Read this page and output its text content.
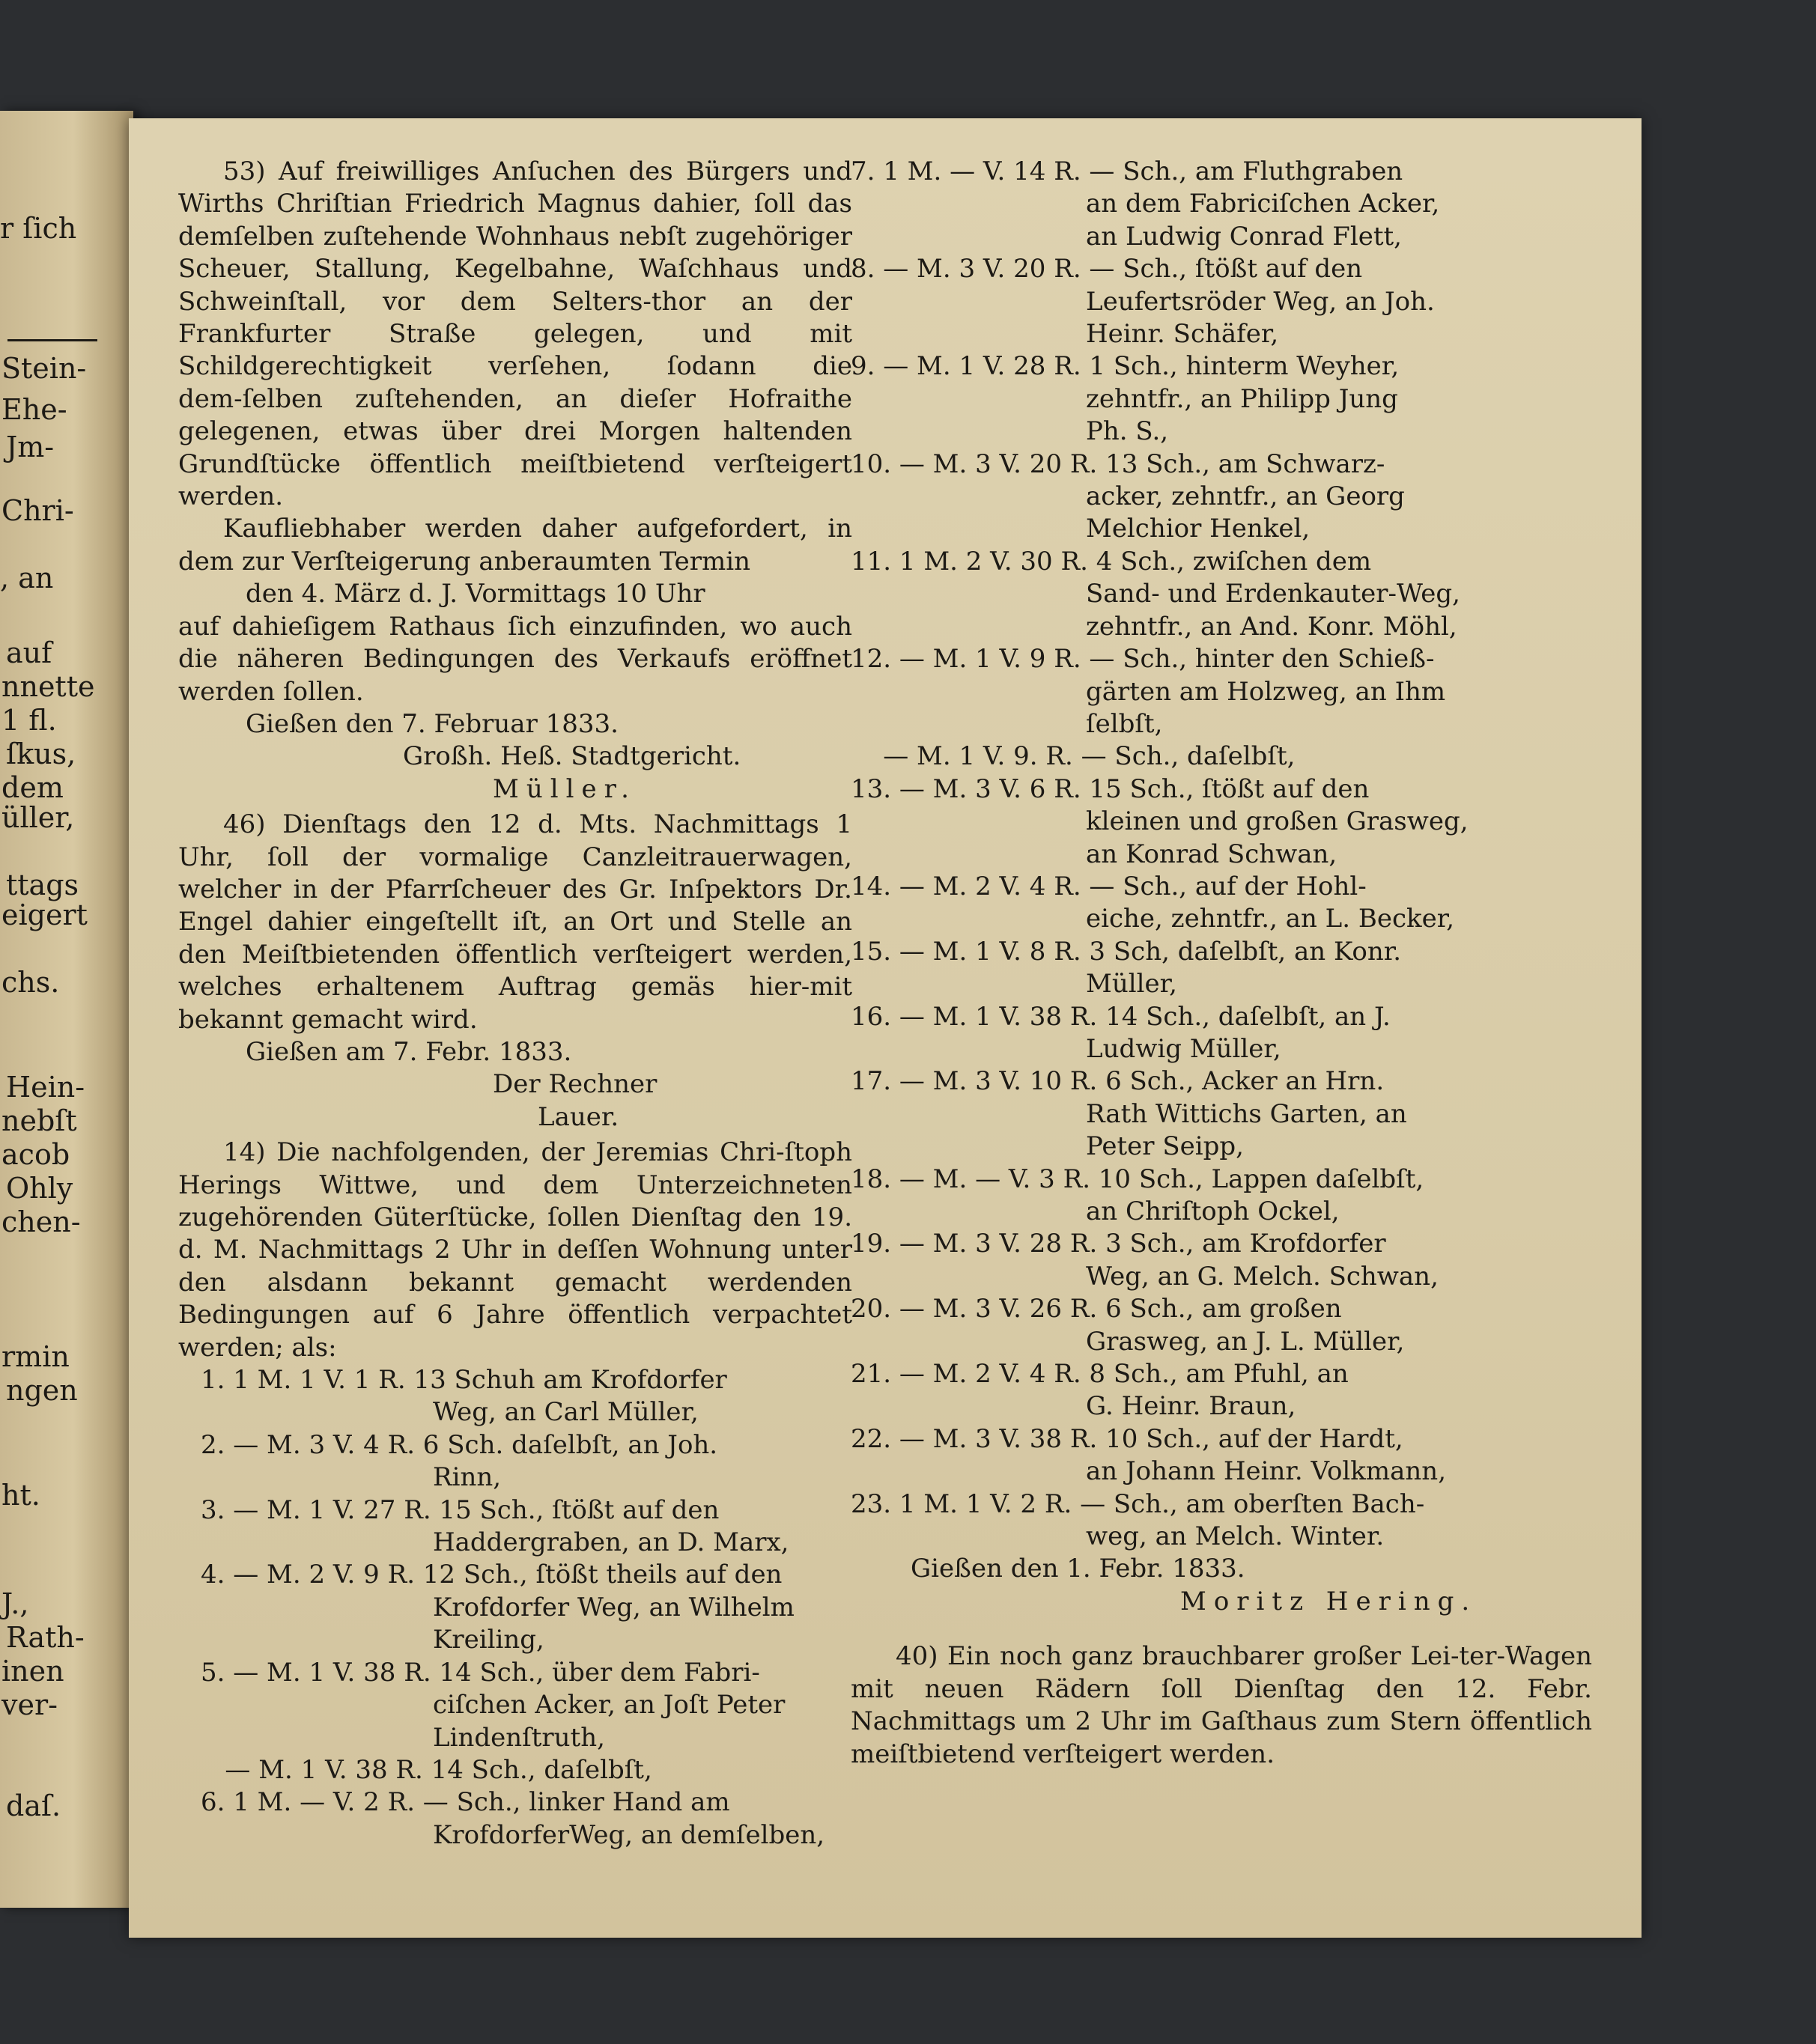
r ſich
Stein‑
Ehe‑
Jm‑
Chri‑
, an
auf
nnette
1 fl.
ſkus,
dem
üller,
ttags
eigert
chs.
Hein‑
nebſt
acob
Ohly
chen‑
rmin
ngen
ht.
J.,
Rath‑
inen
ver‑
daſ.

53) Auf freiwilliges Anſuchen des Bürgers und Wirths Chriſtian Friedrich Magnus dahier, ſoll das demſelben zuſtehende Wohnhaus nebſt zugehöriger Scheuer, Stallung, Kegelbahne, Waſchhaus und Schweinſtall, vor dem Selters‑thor an der Frankfurter Straße gelegen, und mit Schildgerechtigkeit verſehen, ſodann die dem‑ſelben zuſtehenden, an dieſer Hofraithe gelegenen, etwas über drei Morgen haltenden Grundſtücke öffentlich meiſtbietend verſteigert werden.

Kaufliebhaber werden daher aufgefordert, in dem zur Verſteigerung anberaumten Termin

den 4. März d. J. Vormittags 10 Uhr

auf dahieſigem Rathaus ſich einzufinden, wo auch die näheren Bedingungen des Verkaufs eröffnet werden ſollen.

Gießen den 7. Februar 1833.

Großh. Heß. Stadtgericht.

Müller.

46) Dienſtags den 12 d. Mts. Nachmittags 1 Uhr, ſoll der vormalige Canzleitrauerwagen, welcher in der Pfarrſcheuer des Gr. Inſpektors Dr. Engel dahier eingeſtellt iſt, an Ort und Stelle an den Meiſtbietenden öffentlich verſteigert werden, welches erhaltenem Auftrag gemäs hier‑mit bekannt gemacht wird.

Gießen am 7. Febr. 1833.

Der Rechner

Lauer.

14) Die nachfolgenden, der Jeremias Chri‑ſtoph Herings Wittwe, und dem Unterzeichneten zugehörenden Güterſtücke, ſollen Dienſtag den 19. d. M. Nachmittags 2 Uhr in deſſen Wohnung unter den alsdann bekannt gemacht werdenden Bedingungen auf 6 Jahre öffentlich verpachtet werden; als:

1. 1 M. 1 V. 1 R. 13 Schuh am Krofdorfer
Weg, an Carl Müller,
2. — M. 3 V. 4 R. 6 Sch. daſelbſt, an Joh.
Rinn,
3. — M. 1 V. 27 R. 15 Sch., ſtößt auf den
Haddergraben, an D. Marx,
4. — M. 2 V. 9 R. 12 Sch., ſtößt theils auf den
Krofdorfer Weg, an Wilhelm
Kreiling,
5. — M. 1 V. 38 R. 14 Sch., über dem Fabri‑
ciſchen Acker, an Joſt Peter
Lindenſtruth,
— M. 1 V. 38 R. 14 Sch., daſelbſt,
6. 1 M. — V. 2 R. — Sch., linker Hand am
KrofdorferWeg, an demſelben,
7. 1 M. — V. 14 R. — Sch., am Fluthgraben
an dem Fabriciſchen Acker,
an Ludwig Conrad Flett,
8. — M. 3 V. 20 R. — Sch., ſtößt auf den
Leufertsröder Weg, an Joh.
Heinr. Schäfer,
9. — M. 1 V. 28 R. 1 Sch., hinterm Weyher,
zehntfr., an Philipp Jung
Ph. S.,
10. — M. 3 V. 20 R. 13 Sch., am Schwarz‑
acker, zehntfr., an Georg
Melchior Henkel,
11. 1 M. 2 V. 30 R. 4 Sch., zwiſchen dem
Sand‑ und Erdenkauter‑Weg,
zehntfr., an And. Konr. Möhl,
12. — M. 1 V. 9 R. — Sch., hinter den Schieß‑
gärten am Holzweg, an Ihm
ſelbſt,
— M. 1 V. 9. R. — Sch., daſelbſt,
13. — M. 3 V. 6 R. 15 Sch., ſtößt auf den
kleinen und großen Grasweg,
an Konrad Schwan,
14. — M. 2 V. 4 R. — Sch., auf der Hohl‑
eiche, zehntfr., an L. Becker,
15. — M. 1 V. 8 R. 3 Sch, daſelbſt, an Konr.
Müller,
16. — M. 1 V. 38 R. 14 Sch., daſelbſt, an J.
Ludwig Müller,
17. — M. 3 V. 10 R. 6 Sch., Acker an Hrn.
Rath Wittichs Garten, an
Peter Seipp,
18. — M. — V. 3 R. 10 Sch., Lappen daſelbſt,
an Chriſtoph Ockel,
19. — M. 3 V. 28 R. 3 Sch., am Krofdorfer
Weg, an G. Melch. Schwan,
20. — M. 3 V. 26 R. 6 Sch., am großen
Grasweg, an J. L. Müller,
21. — M. 2 V. 4 R. 8 Sch., am Pfuhl, an
G. Heinr. Braun,
22. — M. 3 V. 38 R. 10 Sch., auf der Hardt,
an Johann Heinr. Volkmann,
23. 1 M. 1 V. 2 R. — Sch., am oberſten Bach‑
weg, an Melch. Winter.

Gießen den 1. Febr. 1833.

Moritz Hering.

40) Ein noch ganz brauchbarer großer Lei‑ter‑Wagen mit neuen Rädern ſoll Dienſtag den 12. Febr. Nachmittags um 2 Uhr im Gaſthaus zum Stern öffentlich meiſtbietend verſteigert werden.
